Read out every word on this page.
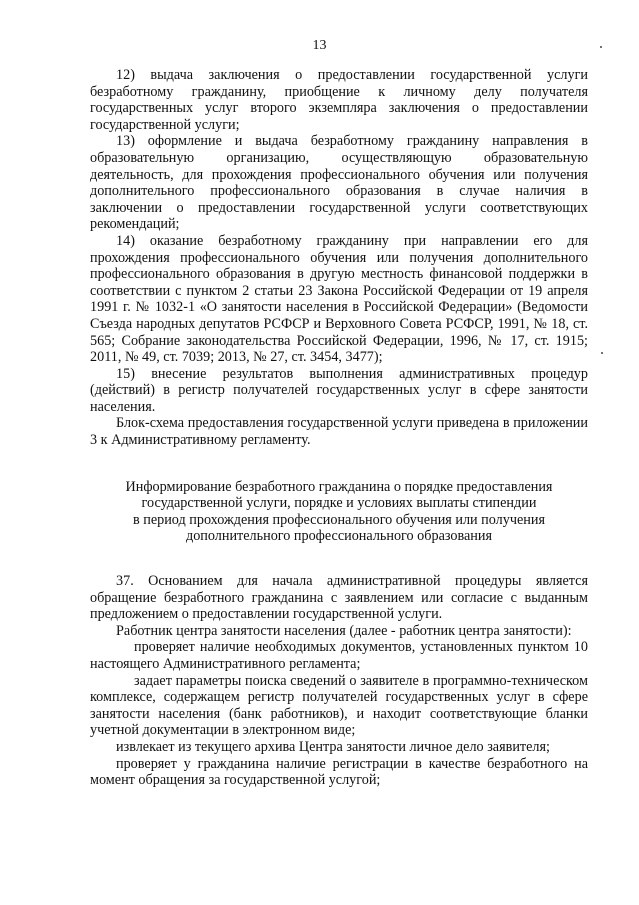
13

12) выдача заключения о предоставлении государственной услуги безработному гражданину, приобщение к личному делу получателя государственных услуг второго экземпляра заключения о предоставлении государственной услуги;

13) оформление и выдача безработному гражданину направления в образовательную организацию, осуществляющую образовательную деятельность, для прохождения профессионального обучения или получения дополнительного профессионального образования в случае наличия в заключении о предоставлении государственной услуги соответствующих рекомендаций;

14) оказание безработному гражданину при направлении его для прохождения профессионального обучения или получения дополнительного профессионального образования в другую местность финансовой поддержки в соответствии с пунктом 2 статьи 23 Закона Российской Федерации от 19 апреля 1991 г. № 1032-1 «О занятости населения в Российской Федерации» (Ведомости Съезда народных депутатов РСФСР и Верховного Совета РСФСР, 1991, № 18, ст. 565; Собрание законодательства Российской Федерации, 1996, № 17, ст. 1915; 2011, № 49, ст. 7039; 2013, № 27, ст. 3454, 3477);

15) внесение результатов выполнения административных процедур (действий) в регистр получателей государственных услуг в сфере занятости населения.

Блок-схема предоставления государственной услуги приведена в приложении 3 к Административному регламенту.

Информирование безработного гражданина о порядке предоставления
государственной услуги, порядке и условиях выплаты стипендии
в период прохождения профессионального обучения или получения
дополнительного профессионального образования

37. Основанием для начала административной процедуры является обращение безработного гражданина с заявлением или согласие с выданным предложением о предоставлении государственной услуги.

Работник центра занятости населения (далее - работник центра занятости):

проверяет наличие необходимых документов, установленных пунктом 10 настоящего Административного регламента;

задает параметры поиска сведений о заявителе в программно-техническом комплексе, содержащем регистр получателей государственных услуг в сфере занятости населения (банк работников), и находит соответствующие бланки учетной документации в электронном виде;

извлекает из текущего архива Центра занятости личное дело заявителя;

проверяет у гражданина наличие регистрации в качестве безработного на момент обращения за государственной услугой;
